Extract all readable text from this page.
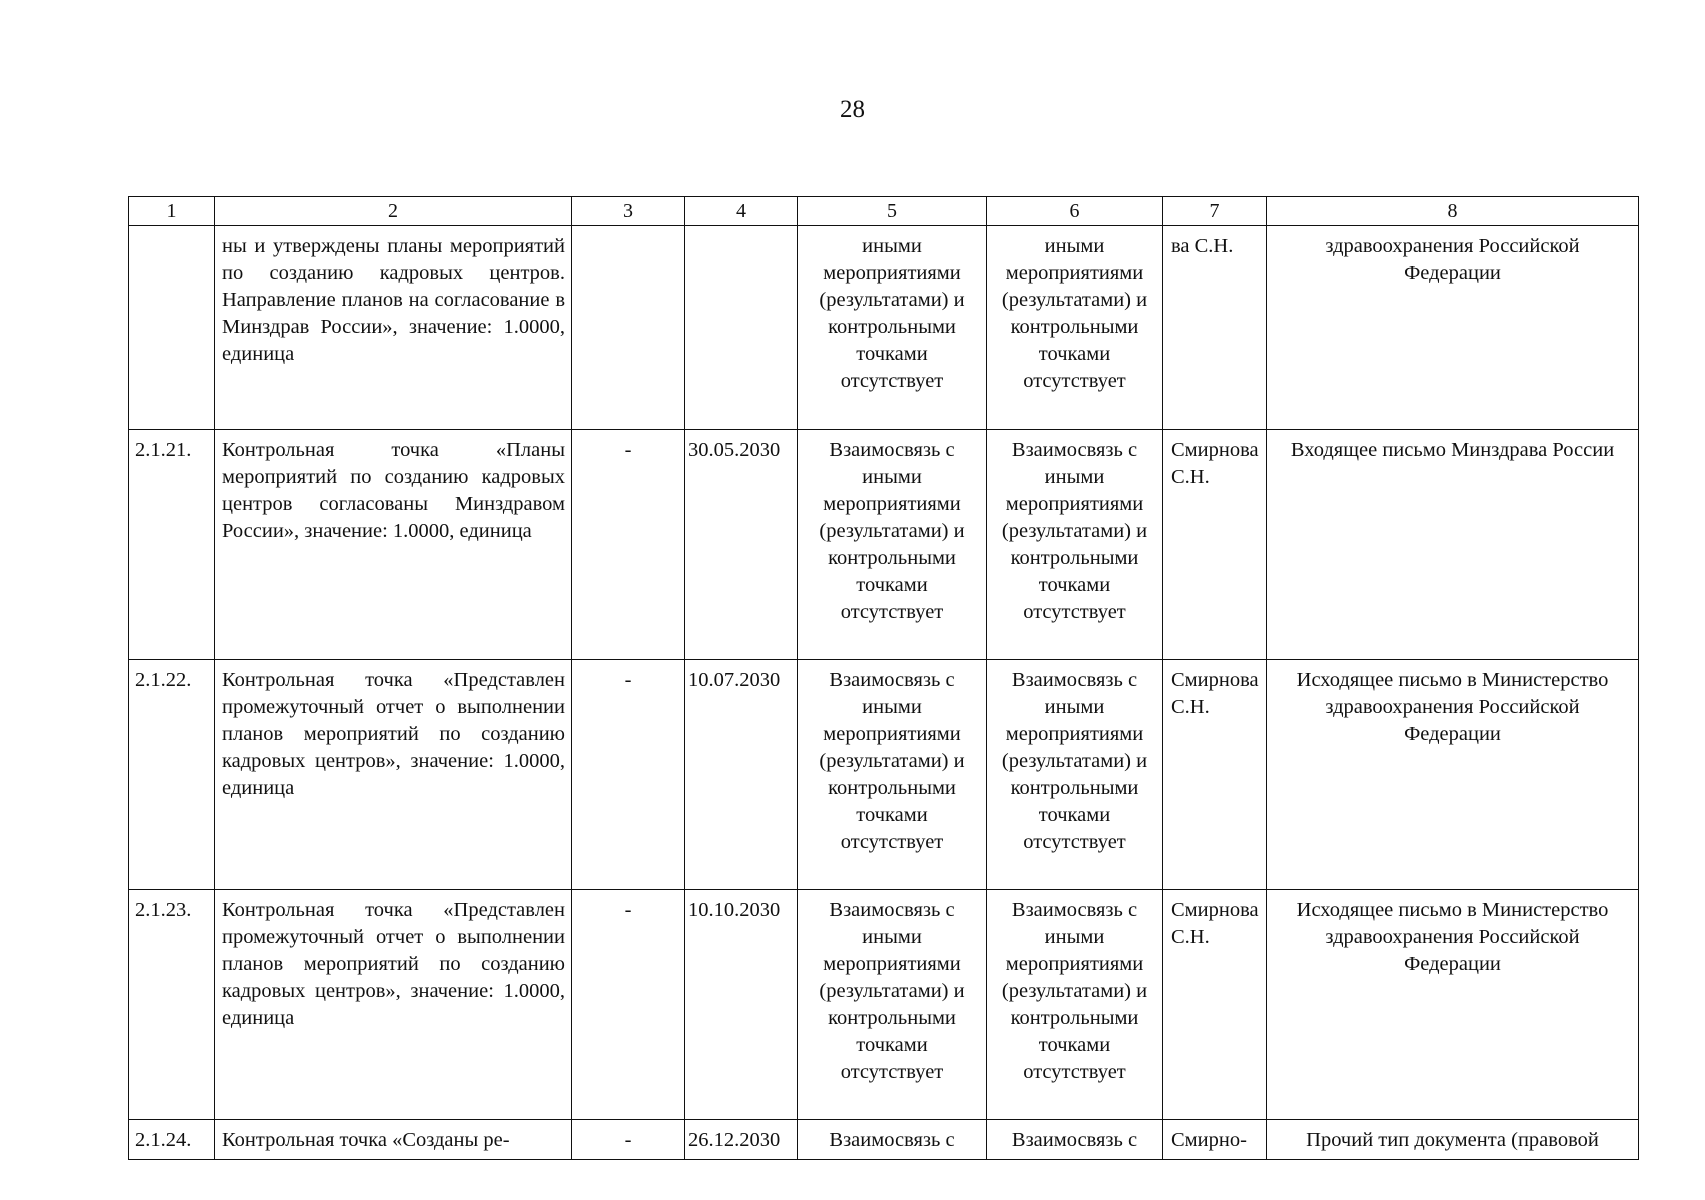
28
1	2	3	4	5	6	7	8
	ны и утверждены планы мероприятий по созданию кадровых центров. Направление планов на согласование в Минздрав России», значение: 1.0000, единица			иными мероприятиями (результатами) и контрольными точками отсутствует	иными мероприятиями (результатами) и контрольными точками отсутствует	ва С.Н.	здравоохранения Российской Федерации
2.1.21.	Контрольная точка «Планы мероприятий по созданию кадровых центров согласованы Минздравом России», значение: 1.0000, единица	-	30.05.2030	Взаимосвязь с иными мероприятиями (результатами) и контрольными точками отсутствует	Взаимосвязь с иными мероприятиями (результатами) и контрольными точками отсутствует	Смирнова С.Н.	Входящее письмо Минздрава России
2.1.22.	Контрольная точка «Представлен промежуточный отчет о выполнении планов мероприятий по созданию кадровых центров», значение: 1.0000, единица	-	10.07.2030	Взаимосвязь с иными мероприятиями (результатами) и контрольными точками отсутствует	Взаимосвязь с иными мероприятиями (результатами) и контрольными точками отсутствует	Смирнова С.Н.	Исходящее письмо в Министерство здравоохранения Российской Федерации
2.1.23.	Контрольная точка «Представлен промежуточный отчет о выполнении планов мероприятий по созданию кадровых центров», значение: 1.0000, единица	-	10.10.2030	Взаимосвязь с иными мероприятиями (результатами) и контрольными точками отсутствует	Взаимосвязь с иными мероприятиями (результатами) и контрольными точками отсутствует	Смирнова С.Н.	Исходящее письмо в Министерство здравоохранения Российской Федерации
2.1.24.	Контрольная точка «Созданы ре-	-	26.12.2030	Взаимосвязь с	Взаимосвязь с	Смирно-	Прочий тип документа (правовой
